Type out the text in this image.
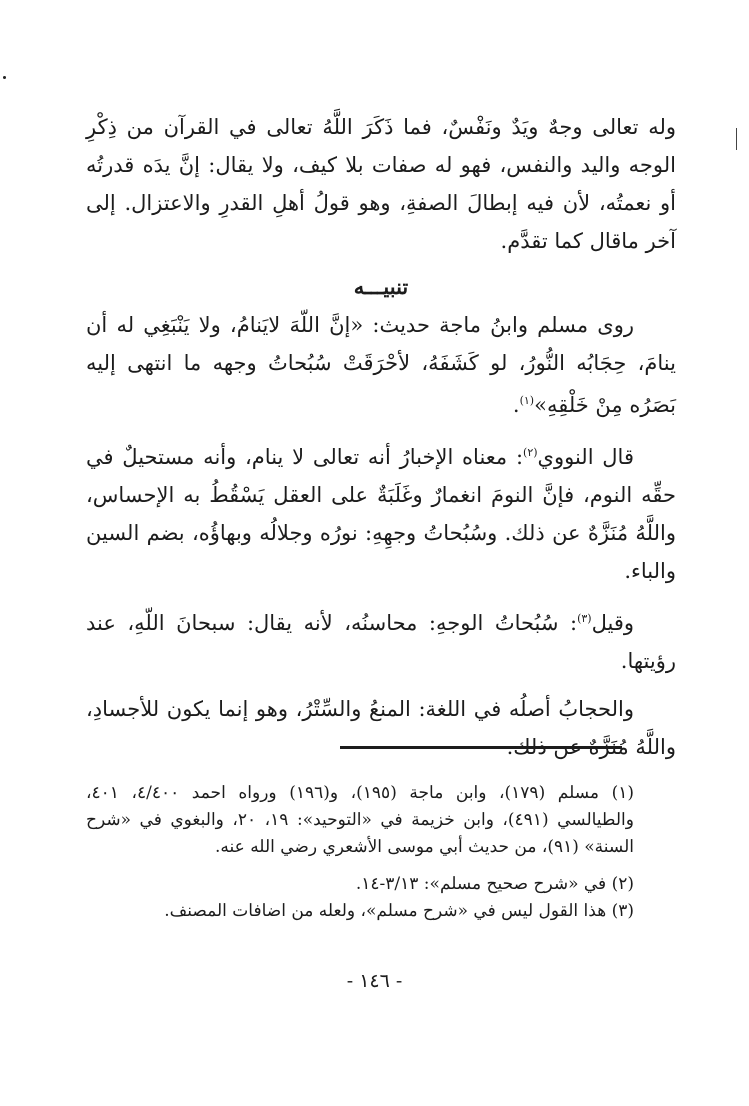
وله تعالى وجهٌ ويَدٌ ونَفْسٌ، فما ذَكَرَ اللَّهُ تعالى في القرآن من ذِكْرِ الوجه واليد والنفس، فهو له صفات بلا كيف، ولا يقال: إنَّ يدَه قدرتُه أو نعمتُه، لأن فيه إبطالَ الصفةِ، وهو قولُ أهلِ القدرِ والاعتزال. إلى آخر ماقال كما تقدَّم.

تنبيـــه

روى مسلم وابنُ ماجة حديث: «إنَّ اللّهَ لايَنامُ، ولا يَنْبَغِي له أن ينامَ، حِجَابُه النُّورُ، لو كَشَفَهُ، لأحْرَقَتْ سُبُحاتُ وجهه ما انتهى إليه بَصَرُه مِنْ خَلْقِهِ»$^{(١)}$.

قال النووي$^{(٢)}$: معناه الإخبارُ أنه تعالى لا ينام، وأنه مستحيلٌ في حقِّه النوم، فإنَّ النومَ انغمارٌ وغَلَبَةٌ على العقل يَسْقُطُ به الإحساس، واللَّهُ مُنَزَّهٌ عن ذلك. وسُبُحاتُ وجهِهِ: نورُه وجلالُه وبهاؤُه، بضم السين والباء.

وقيل$^{(٣)}$: سُبُحاتُ الوجهِ: محاسنُه، لأنه يقال: سبحانَ اللّهِ، عند رؤيتها.

والحجابُ أصلُه في اللغة: المنعُ والسِّتْرُ، وهو إنما يكون للأجسادِ، واللَّهُ مُنَزَّهٌ عن ذلك.

(١) مسلم (١٧٩)، وابن ماجة (١٩٥)، و(١٩٦) ورواه احمد ٤/٤٠٠، ٤٠١، والطيالسي (٤٩١)، وابن خزيمة في «التوحيد»: ١٩، ٢٠، والبغوي في «شرح السنة» (٩١)، من حديث أبي موسى الأشعري رضي الله عنه.

(٢) في «شرح صحيح مسلم»: ٣/١٣-١٤.

(٣) هذا القول ليس في «شرح مسلم»، ولعله من اضافات المصنف.

- ١٤٦ -
